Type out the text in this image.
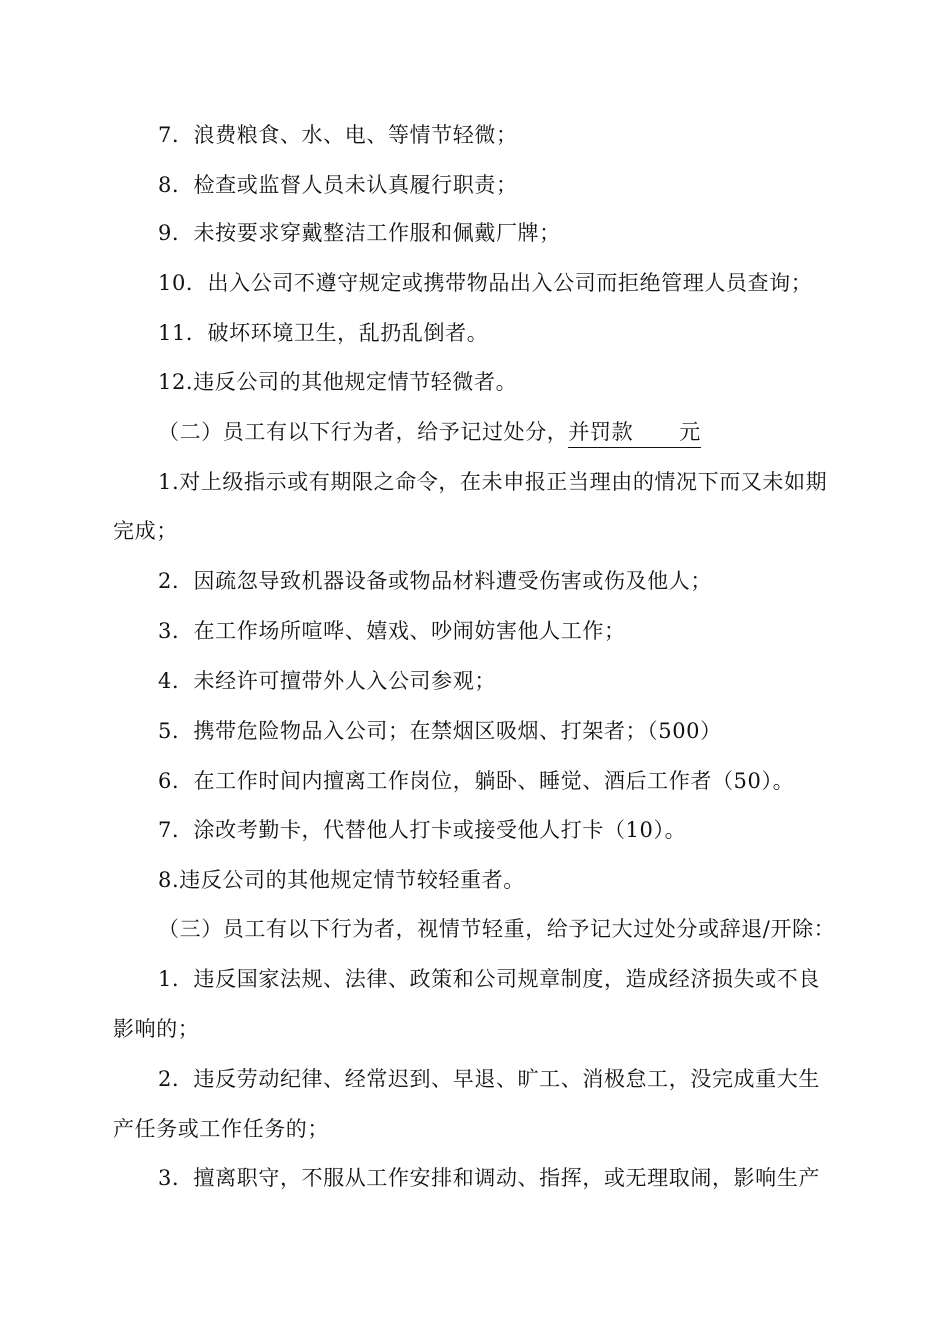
7．浪费粮食、水、电、等情节轻微；
8．检查或监督人员未认真履行职责；
9．未按要求穿戴整洁工作服和佩戴厂牌；
10．出入公司不遵守规定或携带物品出入公司而拒绝管理人员查询；
11．破坏环境卫生，乱扔乱倒者。
12.违反公司的其他规定情节轻微者。
（二）员工有以下行为者，给予记过处分，并罚款 元
1.对上级指示或有期限之命令，在未申报正当理由的情况下而又未如期
完成；
2．因疏忽导致机器设备或物品材料遭受伤害或伤及他人；
3．在工作场所喧哗、嬉戏、吵闹妨害他人工作；
4．未经许可擅带外人入公司参观；
5．携带危险物品入公司；在禁烟区吸烟、打架者；（500）
6．在工作时间内擅离工作岗位，躺卧、睡觉、酒后工作者（50）。
7．涂改考勤卡，代替他人打卡或接受他人打卡（10）。
8.违反公司的其他规定情节较轻重者。
（三）员工有以下行为者，视情节轻重，给予记大过处分或辞退/开除：
1．违反国家法规、法律、政策和公司规章制度，造成经济损失或不良
影响的；
2．违反劳动纪律、经常迟到、早退、旷工、消极怠工，没完成重大生
产任务或工作任务的；
3．擅离职守，不服从工作安排和调动、指挥，或无理取闹，影响生产
